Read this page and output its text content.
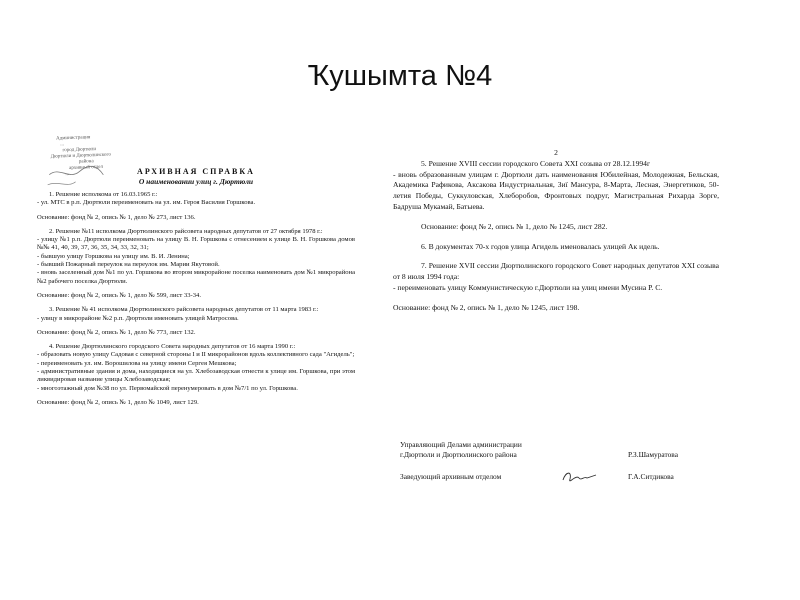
Ҡушымта №4
Администрация
...
город Дюртюли
Дюртюли и Дюртюлинского
района
архивный отдел
...	АРХИВНАЯ СПРАВКА
О наименовании улиц г. Дюртюли

1. Решение исполкома от 16.03.1965 г.:

- ул. МТС в р.п. Дюртюли переименовать на ул. им. Героя Василия Горшкова.

Основание: фонд № 2, опись № 1, дело № 273, лист 136.

2. Решение №11 исполкома Дюртюлинского райсовета народных депутатов от 27 октября 1978 г.:

- улицу №1 р.п. Дюртюли переименовать на улицу В. Н. Горшкова с отнесением к улице В. Н. Горшкова домов №№ 41, 40, 39, 37, 36, 35, 34, 33, 32, 31;

- бывшую улицу Горшкова на улицу им. В. И. Ленина;

- бывший Пожарный переулок на переулок им. Марии Якутовой.

- вновь заселенный дом №1 по ул. Горшкова во втором микрорайоне поселка наименовать дом №1 микрорайона №2 рабочего поселка Дюртюли.

Основание: фонд № 2, опись № 1, дело № 599, лист 33-34.

3. Решение № 41 исполкома Дюртюлинского райсовета народных депутатов от 11 марта 1983 г.:

- улицу в микрорайоне №2 р.п. Дюртюли именовать улицей Матросова.

Основание: фонд № 2, опись № 1, дело № 773, лист 132.

4. Решение Дюртюлинского городского Совета народных депутатов от 16 марта 1990 г.:

- образовать новую улицу Садовая с северной стороны I и II микрорайонов вдоль коллективного сада "Агидель";

- переименовать ул. им. Ворошилова на улицу имени Сергея Мешкова;

- административные здания и дома, находящиеся на ул. Хлебозаводская отнести к улице им. Горшкова, при этом ликвидировав название улицы Хлебозаводская;

- многоэтажный дом №38 по ул. Первомайской перенумеровать в дом №7/1 по ул. Горшкова.

Основание: фонд № 2, опись № 1, дело № 1049, лист 129.

2

5. Решение XVIII сессии городского Совета XXI созыва от 28.12.1994г

- вновь образованным улицам г. Дюртюли дать наименования Юбилейная, Молодежная, Бельская, Академика Рафикова, Аксакова Индустриальная, Зиї Мансура, 8-Марта, Лесная, Энергетиков, 50-летия Победы, Суккуловская, Хлеборобов, Фронтовых подруг, Магистральная Рихарда Зорге, Бадруша Мукамай, Батыева.

Основание: фонд № 2, опись № 1, дело № 1245, лист 282.

6. В документах 70-х годов улица Агидель именовалась улицей Ак идель.

7. Решение XVII сессии Дюртюлинского городского Совет народных депутатов XXI созыва от 8 июля 1994 года:

- переименовать улицу Коммунистическую г.Дюртюли на улиц имени Мусина Р. С.

Основание: фонд № 2, опись № 1, дело № 1245, лист 198.

Управляющий Делами администрации
г.Дюртюли и Дюртюлинского района	Р.З.Шамуратова
Заведующий архивным отделом	Г.А.Ситдикова
